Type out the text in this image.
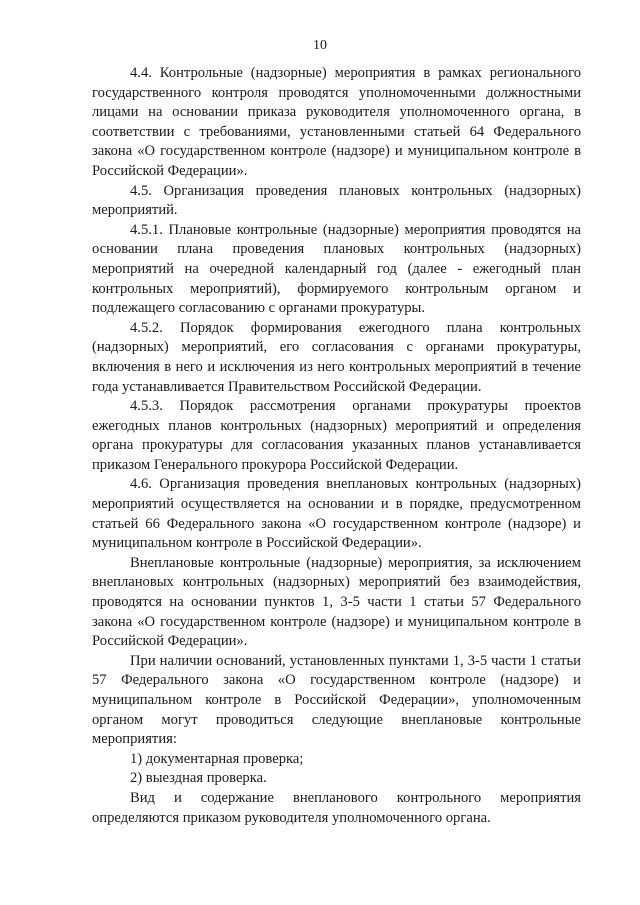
10

4.4. Контрольные (надзорные) мероприятия в рамках регионального государственного контроля проводятся уполномоченными должностными лицами на основании приказа руководителя уполномоченного органа, в соответствии с требованиями, установленными статьей 64 Федерального закона «О государственном контроле (надзоре) и муниципальном контроле в Российской Федерации».

4.5. Организация проведения плановых контрольных (надзорных) мероприятий.

4.5.1. Плановые контрольные (надзорные) мероприятия проводятся на основании плана проведения плановых контрольных (надзорных) мероприятий на очередной календарный год (далее - ежегодный план контрольных мероприятий), формируемого контрольным органом и подлежащего согласованию с органами прокуратуры.

4.5.2. Порядок формирования ежегодного плана контрольных (надзорных) мероприятий, его согласования с органами прокуратуры, включения в него и исключения из него контрольных мероприятий в течение года устанавливается Правительством Российской Федерации.

4.5.3. Порядок рассмотрения органами прокуратуры проектов ежегодных планов контрольных (надзорных) мероприятий и определения органа прокуратуры для согласования указанных планов устанавливается приказом Генерального прокурора Российской Федерации.

4.6. Организация проведения внеплановых контрольных (надзорных) мероприятий осуществляется на основании и в порядке, предусмотренном статьей 66 Федерального закона «О государственном контроле (надзоре) и муниципальном контроле в Российской Федерации».

Внеплановые контрольные (надзорные) мероприятия, за исключением внеплановых контрольных (надзорных) мероприятий без взаимодействия, проводятся на основании пунктов 1, 3-5 части 1 статьи 57 Федерального закона «О государственном контроле (надзоре) и муниципальном контроле в Российской Федерации».

При наличии оснований, установленных пунктами 1, 3-5 части 1 статьи 57 Федерального закона «О государственном контроле (надзоре) и муниципальном контроле в Российской Федерации», уполномоченным органом могут проводиться следующие внеплановые контрольные мероприятия:

1) документарная проверка;

2) выездная проверка.

Вид и содержание внепланового контрольного мероприятия определяются приказом руководителя уполномоченного органа.
